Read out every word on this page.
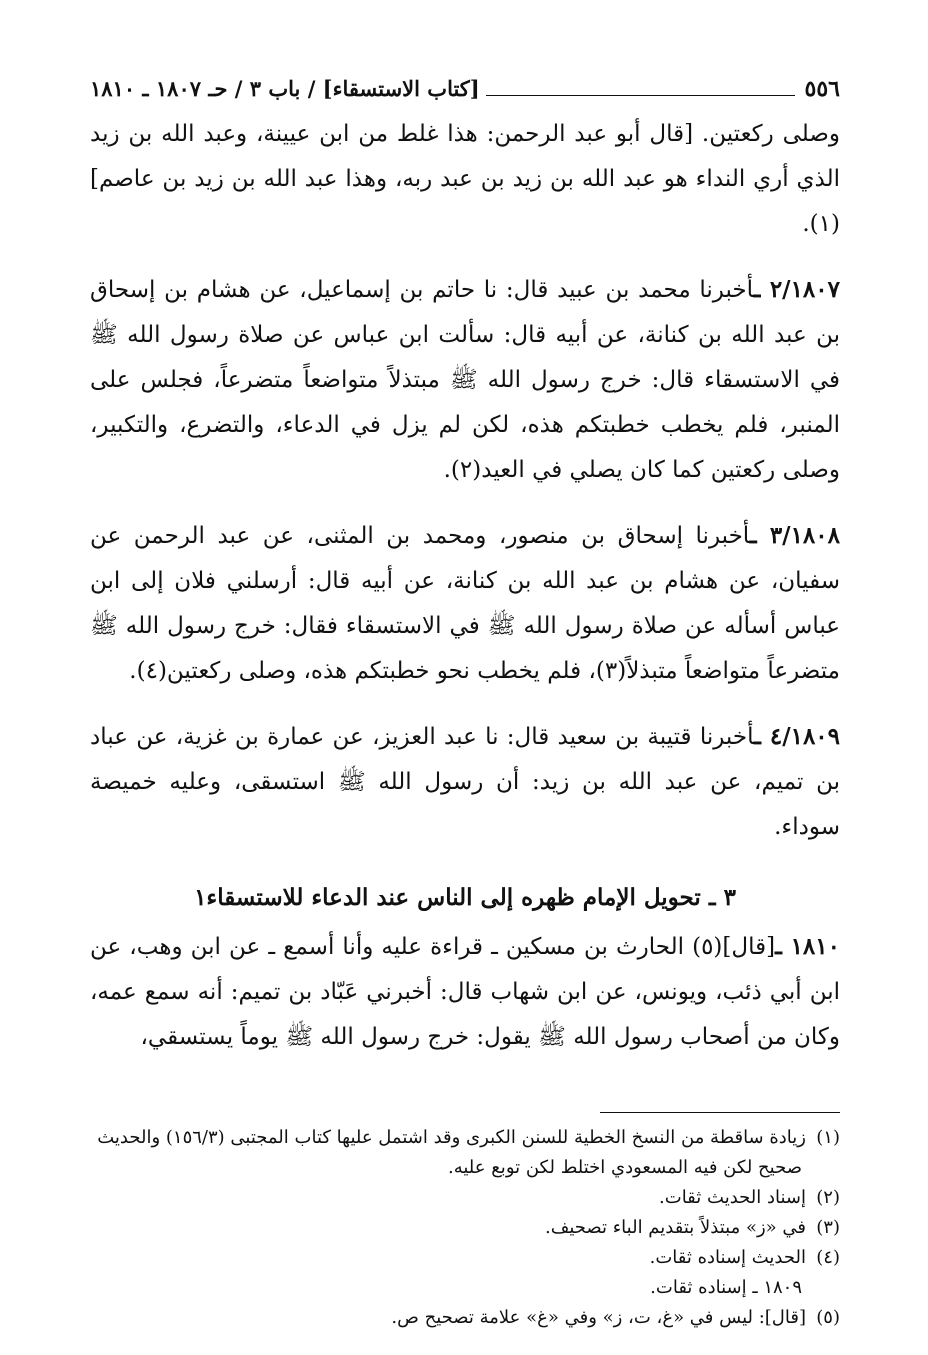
٥٥٦
[كتاب الاستسقاء] / باب ٣ / حـ ١٨٠٧ ـ ١٨١٠

وصلى ركعتين. [قال أبو عبد الرحمن: هذا غلط من ابن عيينة، وعبد الله بن زيد الذي أري النداء هو عبد الله بن زيد بن عبد ربه، وهذا عبد الله بن زيد بن عاصم](١).

٢/١٨٠٧ ـأخبرنا محمد بن عبيد قال: نا حاتم بن إسماعيل، عن هشام بن إسحاق بن عبد الله بن كنانة، عن أبيه قال: سألت ابن عباس عن صلاة رسول الله ﷺ في الاستسقاء قال: خرج رسول الله ﷺ مبتذلاً متواضعاً متضرعاً، فجلس على المنبر، فلم يخطب خطبتكم هذه، لكن لم يزل في الدعاء، والتضرع، والتكبير، وصلى ركعتين كما كان يصلي في العيد(٢).

٣/١٨٠٨ ـأخبرنا إسحاق بن منصور، ومحمد بن المثنى، عن عبد الرحمن عن سفيان، عن هشام بن عبد الله بن كنانة، عن أبيه قال: أرسلني فلان إلى ابن عباس أسأله عن صلاة رسول الله ﷺ في الاستسقاء فقال: خرج رسول الله ﷺ متضرعاً متواضعاً متبذلاً(٣)، فلم يخطب نحو خطبتكم هذه، وصلى ركعتين(٤).

٤/١٨٠٩ ـأخبرنا قتيبة بن سعيد قال: نا عبد العزيز، عن عمارة بن غزية، عن عباد بن تميم، عن عبد الله بن زيد: أن رسول الله ﷺ استسقى، وعليه خميصة سوداء.

٣ ـ تحويل الإمام ظهره إلى الناس عند الدعاء للاستسقاء١

١٨١٠ ـ[قال](٥) الحارث بن مسكين ـ قراءة عليه وأنا أسمع ـ عن ابن وهب، عن ابن أبي ذئب، ويونس، عن ابن شهاب قال: أخبرني عَبّاد بن تميم: أنه سمع عمه، وكان من أصحاب رسول الله ﷺ يقول: خرج رسول الله ﷺ يوماً يستسقي،

(١)زيادة ساقطة من النسخ الخطية للسنن الكبرى وقد اشتمل عليها كتاب المجتبى (١٥٦/٣) والحديث

صحيح لكن فيه المسعودي اختلط لكن توبع عليه.

(٢)إسناد الحديث ثقات.

(٣)في «ز» مبتذلاً بتقديم الباء تصحيف.

(٤)الحديث إسناده ثقات.

١٨٠٩ ـ إسناده ثقات.

(٥)[قال]: ليس في «غ، ت، ز» وفي «غ» علامة تصحيح ص.
